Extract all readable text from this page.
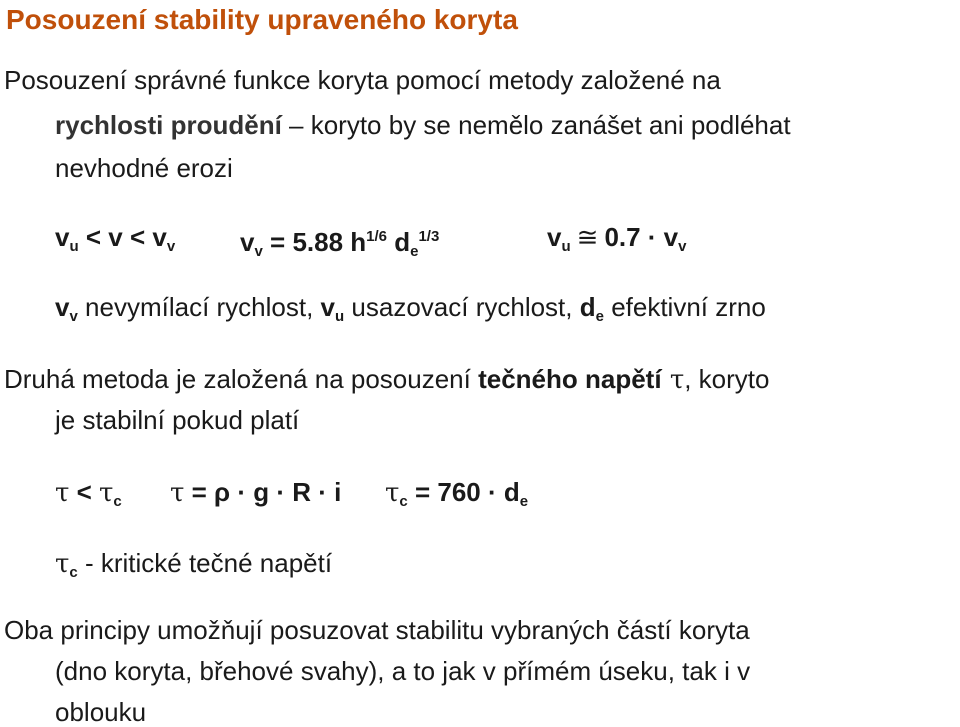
Posouzení stability upraveného koryta
Posouzení správné funkce koryta pomocí metody založené na
rychlosti proudění – koryto by se nemělo zanášet ani podléhat
nevhodné erozi
$v_u < v < v_v$ $v_v = 5.88$ $h^{1/6}$ $d_e^{1/3}$	$v_u$ ≅ $0.7 \cdot v_v$
$v_v$ nevymílací rychlost, $v_u$ usazovací rychlost, $d_e$ efektivní zrno
Druhá metoda je založená na posouzení tečného napětí τ, koryto
je stabilní pokud platí
$\tau < \tau_c$ τ = ρ · g · R · i $\tau_c = 760 \cdot d_e$
$\tau_c$ - kritické tečné napětí
Oba principy umožňují posuzovat stabilitu vybraných částí koryta
(dno koryta, břehové svahy), a to jak v přímém úseku, tak i v
oblouku
